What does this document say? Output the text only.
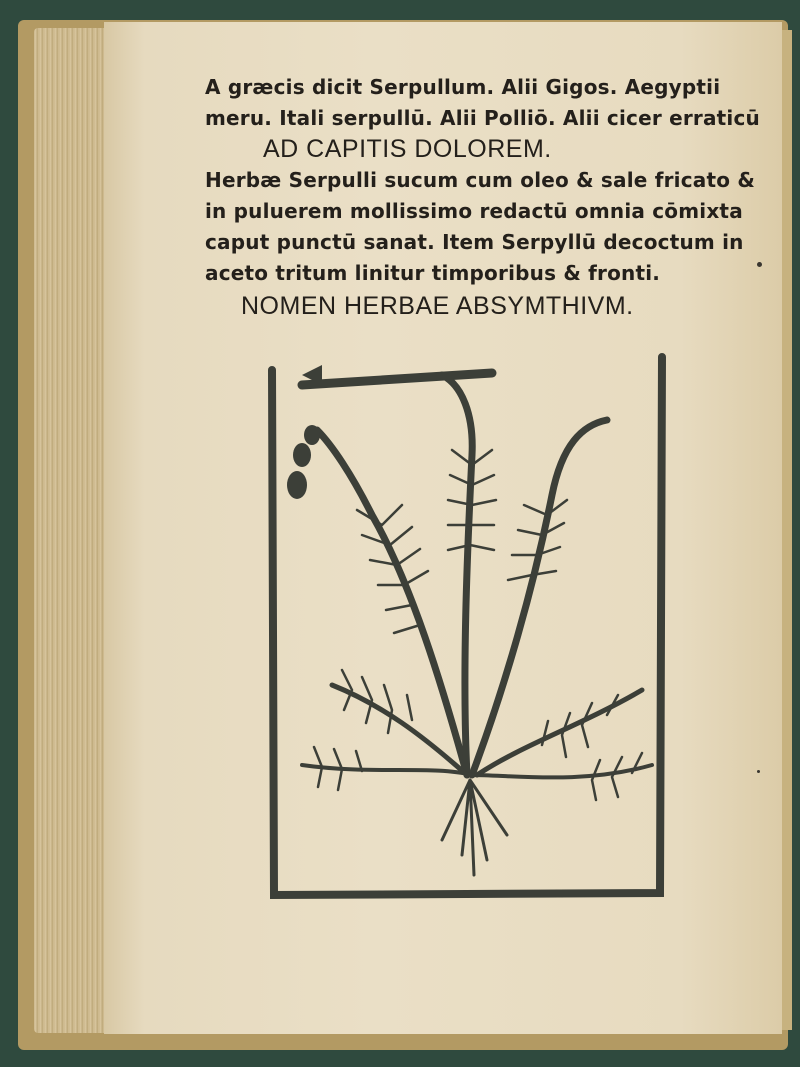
A græcis dicit Serpullum. Alii Gigos. Aegyptii
meru. Itali serpullū. Alii Polliō. Alii cicer erraticū
AD CAPITIS DOLOREM.
Herbæ Serpulli sucum cum oleo & sale fricato &
in puluerem mollissimo redactū omnia cōmixta
caput punctū sanat. Item Serpyllū decoctum in
aceto tritum linitur timporibus & fronti.
NOMEN HERBAE ABSYMTHIVM.
